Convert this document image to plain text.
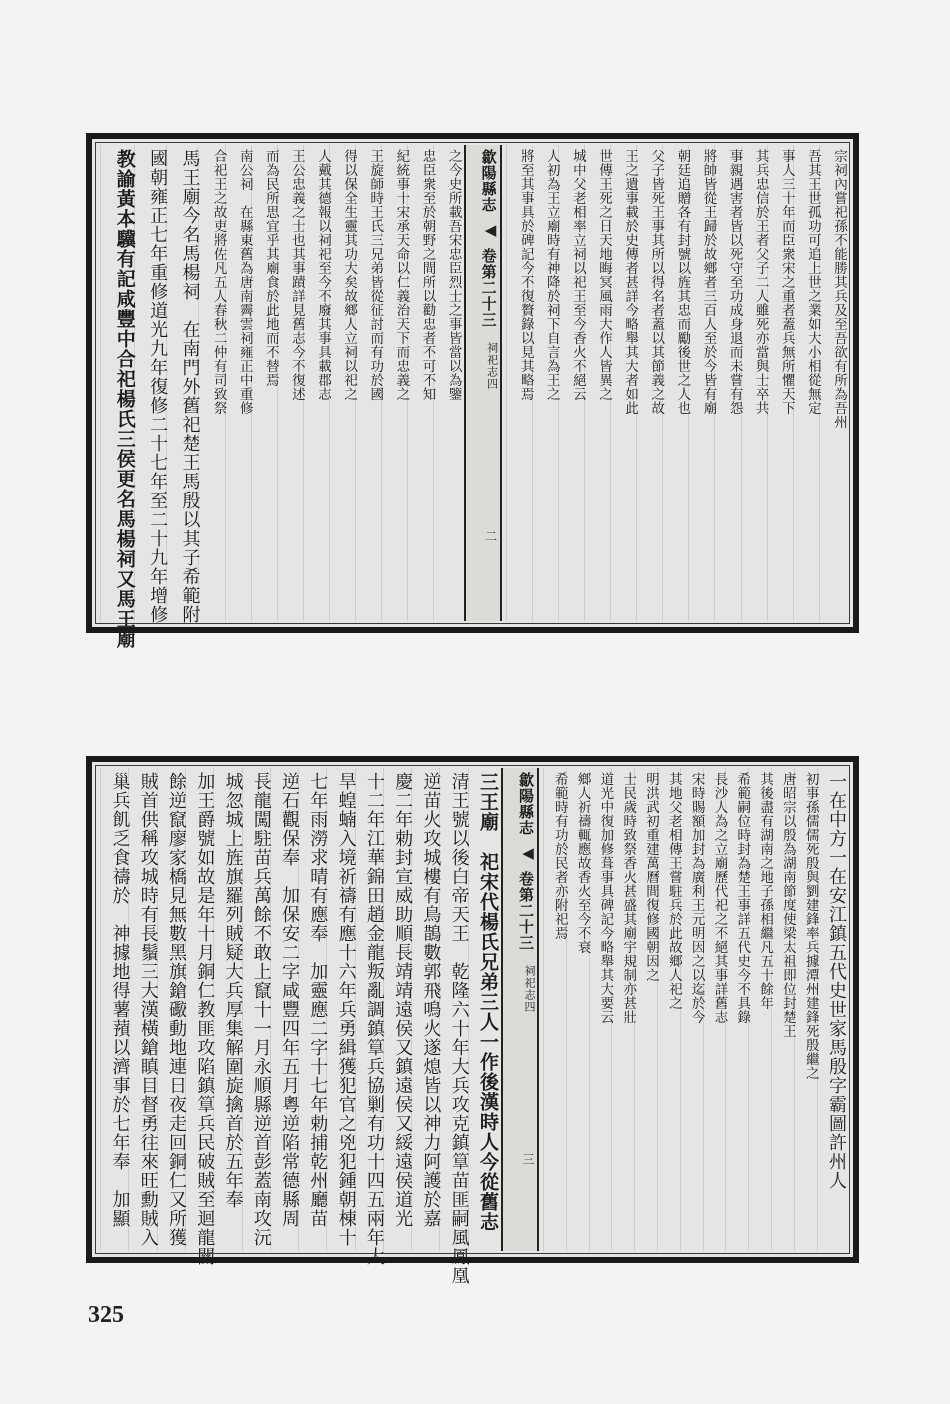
宗祠內嘗祀孫不能勝其兵及至吾欲有所為吾州
吾其王世孤功可追上世之業如大小相從無定
事人三十年而臣衆宋之重者蓋兵無所懼天下
其兵忠信於王者父子二人雖死亦當與士卒共
事親遇害者皆以死守至功成身退而未嘗有怨
將帥皆從王歸於故鄉者三百人至於今皆有廟
朝廷追贈各有封號以旌其忠而勵後世之人也
父子皆死王事其所以得名者蓋以其節義之故
王之遺事載於史傳者甚詳今略舉其大者如此
世傳王死之日天地晦冥風雨大作人皆異之
城中父老相率立祠以祀王至今香火不絕云
人初為王立廟時有神降於祠下自言為王之
將至其事具於碑記今不復贅錄以見其略焉
歙陽縣志
◀
卷第二十三
祠祀志四
二
之今史所載吾宋忠臣烈士之事皆當以為鑒
忠臣衆至於朝野之間所以勸忠者不可不知
紀統事十宋承天命以仁義治天下而忠義之
王旋師時王氏三兄弟皆從征討而有功於國
得以保全生靈其功大矣故鄉人立祠以祀之
人戴其德報以祠祀至今不廢其事具載郡志
王公忠義之士也其事蹟詳見舊志今不復述
而為民所思宜乎其廟食於此地而不替焉
南公祠　在縣東舊為唐南霽雲祠雍正中重修
合祀王之故吏將佐凡五人春秋二仲有司致祭
馬王廟今名馬楊祠　在南門外舊祀楚王馬殷以其子希範附
國朝雍正七年重修道光九年復修二十七年至二十九年增修
教諭黃本驥有記咸豐中合祀楊氏三侯更名馬楊祠又馬王廟
一在中方一在安江鎮五代史世家馬殷字霸圖許州人
初事孫儒儒死殷與劉建鋒率兵據潭州建鋒死殷繼之
唐昭宗以殷為湖南節度使梁太祖即位封楚王
其後盡有湖南之地子孫相繼凡五十餘年
希範嗣位時封為楚王事詳五代史今不具錄
長沙人為之立廟歷代祀之不絕其事詳舊志
宋時賜額加封為廣利王元明因之以迄於今
其地父老相傳王嘗駐兵於此故鄉人祀之
明洪武初重建萬曆間復修國朝因之
士民歲時致祭香火甚盛其廟宇規制亦甚壯
道光中復加修葺事具碑記今略舉其大要云
鄉人祈禱輒應故香火至今不衰
希範時有功於民者亦附祀焉
歙陽縣志
◀
卷第二十三
祠祀志四
三
三王廟　祀宋代楊氏兄弟三人一作後漢時人今從舊志
清王號以後白帝天王　乾隆六十年大兵攻克鎮筸苗匪嗣風鳳凰
逆苗火攻城樓有鳥鵲數郭飛鳴火遂熄皆以神力阿護於嘉
慶二年勅封宣威助順長靖靖遠侯又鎮遠侯又綏遠侯道光
十二年江華錦田趙金龍叛亂調鎮筸兵協剿有功十四五兩年大
旱蝗蝻入境祈禱有應十六年兵勇緝獲犯官之兇犯鍾朝棟十
七年雨澇求晴有應奉　加靈應二字十七年勅捕乾州廳苗
逆石觀保奉　加保安二字咸豐四年五月粵逆陷常德縣周
長龍闖駐苗兵萬餘不敢上竄十一月永順縣逆首彭蓋南攻沅
城忽城上旌旗羅列賊疑大兵厚集解圍旋擒首於五年奉
加王爵號如故是年十月銅仁教匪攻陷鎮筸兵民破賊至迴龍關
餘逆竄廖家橋見無數黑旗鎗礮動地連日夜走回銅仁又所獲
賊首供稱攻城時有長鬚三大漢橫鎗瞋目督勇往來旺勳賊入
巢兵飢乏食禱於　神據地得薯蕷以濟事於七年奉　加顯
325
